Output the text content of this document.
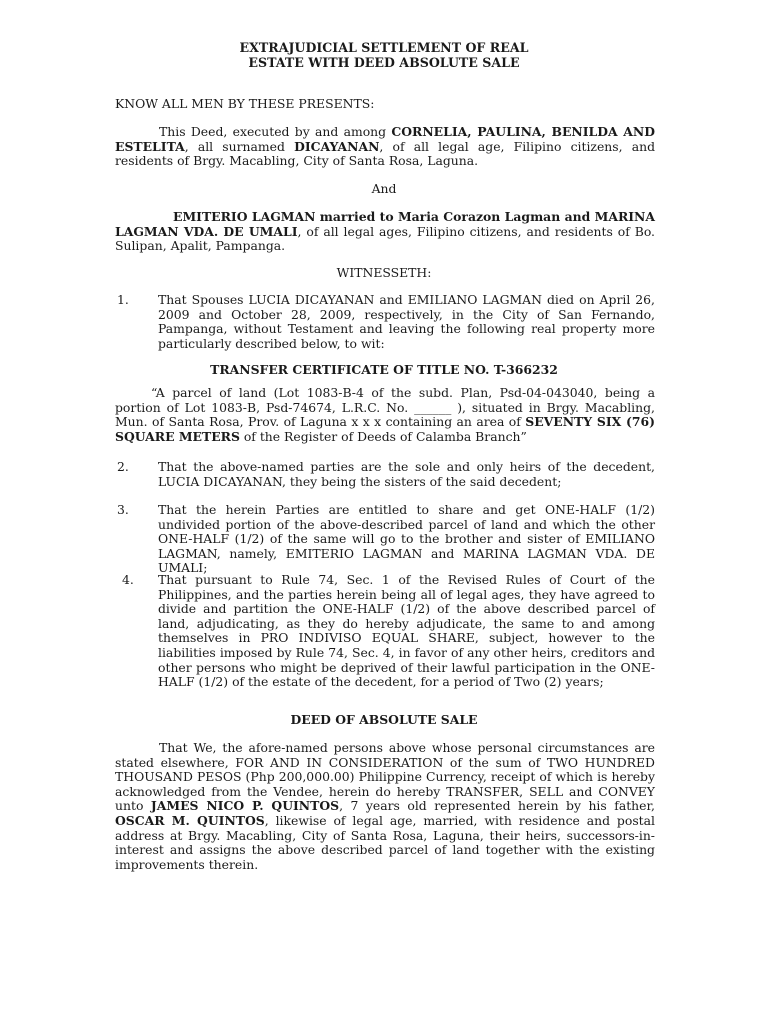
EXTRAJUDICIAL SETTLEMENT OF REAL
ESTATE WITH DEED ABSOLUTE SALE
KNOW ALL MEN BY THESE PRESENTS:
This Deed, executed by and among CORNELIA, PAULINA, BENILDA AND ESTELITA, all surnamed DICAYANAN, of all legal age, Filipino citizens, and residents of Brgy. Macabling, City of Santa Rosa, Laguna.
And
EMITERIO LAGMAN married to Maria Corazon Lagman and MARINA LAGMAN VDA. DE UMALI, of all legal ages, Filipino citizens, and residents of Bo. Sulipan, Apalit, Pampanga.
WITNESSETH:
1. That Spouses LUCIA DICAYANAN and EMILIANO LAGMAN died on April 26, 2009 and October 28, 2009, respectively, in the City of San Fernando, Pampanga, without Testament and leaving the following real property more particularly described below, to wit:
TRANSFER CERTIFICATE OF TITLE NO. T-366232
“A parcel of land (Lot 1083-B-4 of the subd. Plan, Psd-04-043040, being a portion of Lot 1083-B, Psd-74674, L.R.C. No. ______ ), situated in Brgy. Macabling, Mun. of Santa Rosa, Prov. of Laguna x x x containing an area of SEVENTY SIX (76) SQUARE METERS of the Register of Deeds of Calamba Branch”
2. That the above-named parties are the sole and only heirs of the decedent, LUCIA DICAYANAN, they being the sisters of the said decedent;
3. That the herein Parties are entitled to share and get ONE-HALF (1/2) undivided portion of the above-described parcel of land and which the other ONE-HALF (1/2) of the same will go to the brother and sister of EMILIANO LAGMAN, namely, EMITERIO LAGMAN and MARINA LAGMAN VDA. DE UMALI;
4. That pursuant to Rule 74, Sec. 1 of the Revised Rules of Court of the Philippines, and the parties herein being all of legal ages, they have agreed to divide and partition the ONE-HALF (1/2) of the above described parcel of land, adjudicating, as they do hereby adjudicate, the same to and among themselves in PRO INDIVISO EQUAL SHARE, subject, however to the liabilities imposed by Rule 74, Sec. 4, in favor of any other heirs, creditors and other persons who might be deprived of their lawful participation in the ONE-HALF (1/2) of the estate of the decedent, for a period of Two (2) years;
DEED OF ABSOLUTE SALE
That We, the afore-named persons above whose personal circumstances are stated elsewhere, FOR AND IN CONSIDERATION of the sum of TWO HUNDRED THOUSAND PESOS (Php 200,000.00) Philippine Currency, receipt of which is hereby acknowledged from the Vendee, herein do hereby TRANSFER, SELL and CONVEY unto JAMES NICO P. QUINTOS, 7 years old represented herein by his father, OSCAR M. QUINTOS, likewise of legal age, married, with residence and postal address at Brgy. Macabling, City of Santa Rosa, Laguna, their heirs, successors-in-interest and assigns the above described parcel of land together with the existing improvements therein.
